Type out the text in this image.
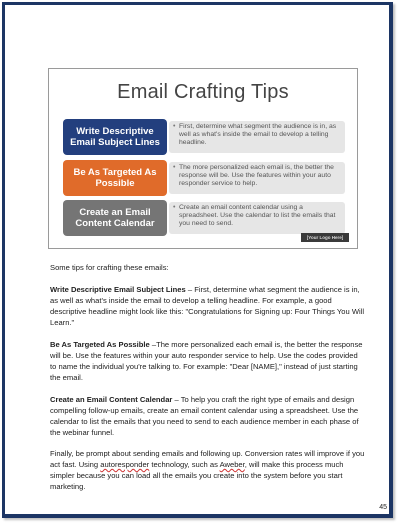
Email Crafting Tips
Write Descriptive Email Subject Lines
• First, determine what segment the audience is in, as well as what's inside the email to develop a telling headline.
Be As Targeted As Possible
• The more personalized each email is, the better the response will be. Use the features within your auto responder service to help.
Create an Email Content Calendar
• Create an email content calendar using a spreadsheet. Use the calendar to list the emails that you need to send.
[Your Logo Here]

Some tips for crafting these emails:

Write Descriptive Email Subject Lines – First, determine what segment the audience is in, as well as what's inside the email to develop a telling headline. For example, a good descriptive headline might look like this: "Congratulations for Signing up: Four Things You Will Learn."

Be As Targeted As Possible –The more personalized each email is, the better the response will be. Use the features within your auto responder service to help. Use the codes provided to name the individual you're talking to. For example: "Dear [NAME]," instead of just starting the email.

Create an Email Content Calendar – To help you craft the right type of emails and design compelling follow-up emails, create an email content calendar using a spreadsheet. Use the calendar to list the emails that you need to send to each audience member in each phase of the webinar funnel.

Finally, be prompt about sending emails and following up. Conversion rates will improve if you act fast. Using autoresponder technology, such as Aweber, will make this process much simpler because you can load all the emails you create into the system before you start marketing.

45
